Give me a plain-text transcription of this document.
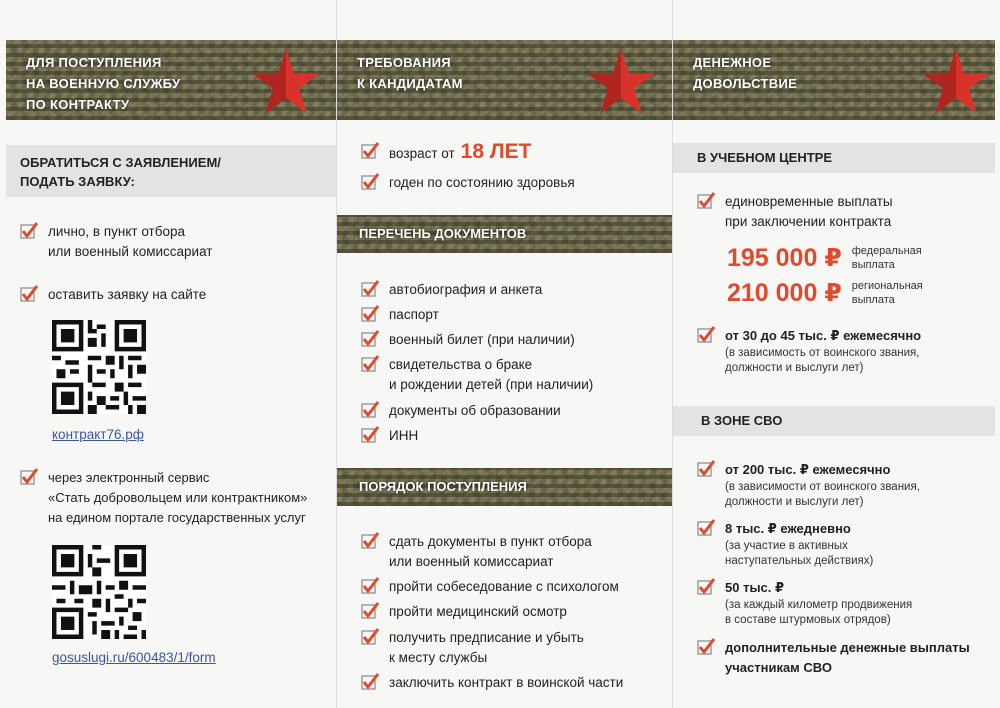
ДЛЯ ПОСТУПЛЕНИЯ
НА ВОЕННУЮ СЛУЖБУ
ПО КОНТРАКТУ
ОБРАТИТЬСЯ С ЗАЯВЛЕНИЕМ/
ПОДАТЬ ЗАЯВКУ:
лично, в пункт отбора
или военный комиссариат
оставить заявку на сайте
контракт76.рф
через электронный сервис
«Стать добровольцем или контрактником»
на едином портале государственных услуг
gosuslugi.ru/600483/1/form
ТРЕБОВАНИЯ
К КАНДИДАТАМ
возраст от 18 ЛЕТ
годен по состоянию здоровья
ПЕРЕЧЕНЬ ДОКУМЕНТОВ
автобиография и анкета
паспорт
военный билет (при наличии)
свидетельства о браке
и рождении детей (при наличии)
документы об образовании
ИНН
ПОРЯДОК ПОСТУПЛЕНИЯ
сдать документы в пункт отбора
или военный комиссариат
пройти собеседование с психологом
пройти медицинский осмотр
получить предписание и убыть
к месту службы
заключить контракт в воинской части
ДЕНЕЖНОЕ
ДОВОЛЬСТВИЕ
В УЧЕБНОМ ЦЕНТРЕ
единовременные выплаты
при заключении контракта
195 000 ₽ федеральная
выплата
210 000 ₽ региональная
выплата
от 30 до 45 тыс. ₽ ежемесячно
(в зависимость от воинского звания,
должности и выслуги лет)
В ЗОНЕ СВО
от 200 тыс. ₽ ежемесячно
(в зависимости от воинского звания,
должности и выслуги лет)
8 тыс. ₽ ежедневно
(за участие в активных
наступательных действиях)
50 тыс. ₽
(за каждый километр продвижения
в составе штурмовых отрядов)
дополнительные денежные выплаты
участникам СВО
